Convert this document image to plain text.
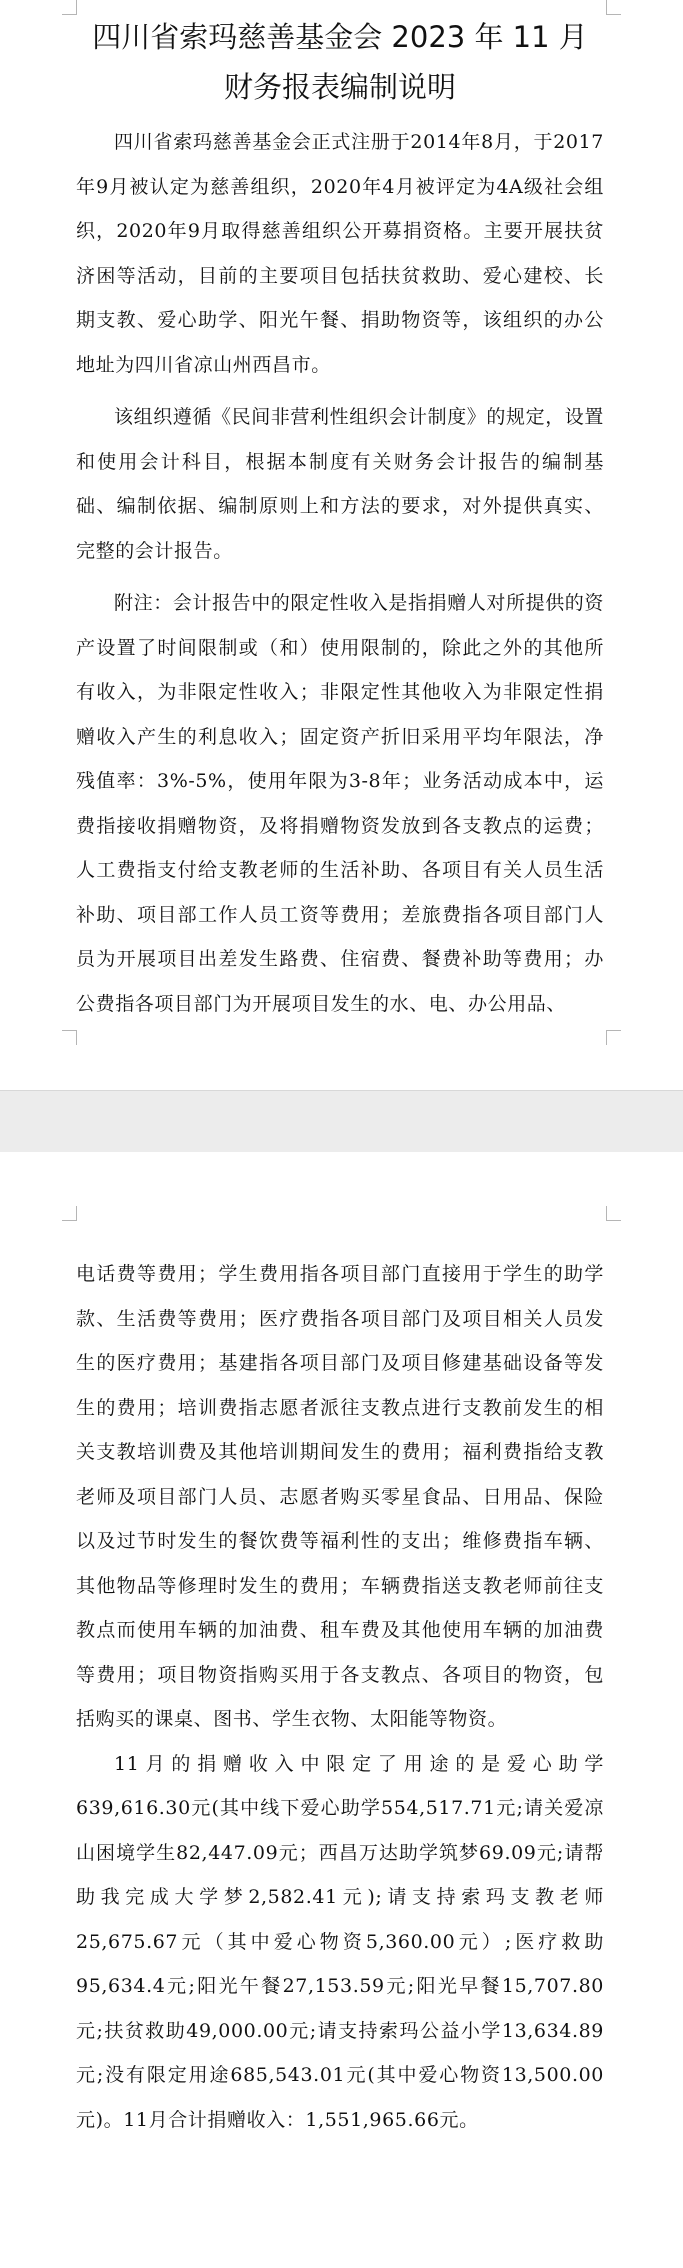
四川省索玛慈善基金会 2023 年 11 月
财务报表编制说明

四川省索玛慈善基金会正式注册于2014年8月，于2017年9月被认定为慈善组织，2020年4月被评定为4A级社会组织，2020年9月取得慈善组织公开募捐资格。主要开展扶贫济困等活动，目前的主要项目包括扶贫救助、爱心建校、长期支教、爱心助学、阳光午餐、捐助物资等，该组织的办公地址为四川省凉山州西昌市。

该组织遵循《民间非营利性组织会计制度》的规定，设置和使用会计科目，根据本制度有关财务会计报告的编制基础、编制依据、编制原则上和方法的要求，对外提供真实、完整的会计报告。

附注：会计报告中的限定性收入是指捐赠人对所提供的资产设置了时间限制或（和）使用限制的，除此之外的其他所有收入，为非限定性收入；非限定性其他收入为非限定性捐赠收入产生的利息收入；固定资产折旧采用平均年限法，净残值率：3%-5%，使用年限为3-8年；业务活动成本中，运费指接收捐赠物资，及将捐赠物资发放到各支教点的运费；人工费指支付给支教老师的生活补助、各项目有关人员生活补助、项目部工作人员工资等费用；差旅费指各项目部门人员为开展项目出差发生路费、住宿费、餐费补助等费用；办公费指各项目部门为开展项目发生的水、电、办公用品、

电话费等费用；学生费用指各项目部门直接用于学生的助学款、生活费等费用；医疗费指各项目部门及项目相关人员发生的医疗费用；基建指各项目部门及项目修建基础设备等发生的费用；培训费指志愿者派往支教点进行支教前发生的相关支教培训费及其他培训期间发生的费用；福利费指给支教老师及项目部门人员、志愿者购买零星食品、日用品、保险以及过节时发生的餐饮费等福利性的支出；维修费指车辆、其他物品等修理时发生的费用；车辆费指送支教老师前往支教点而使用车辆的加油费、租车费及其他使用车辆的加油费等费用；项目物资指购买用于各支教点、各项目的物资，包括购买的课桌、图书、学生衣物、太阳能等物资。

11月的捐赠收入中限定了用途的是爱心助学639,616.30元(其中线下爱心助学554,517.71元;请关爱凉山困境学生82,447.09元；西昌万达助学筑梦69.09元;请帮助我完成大学梦2,582.41元);请支持索玛支教老师25,675.67元（其中爱心物资5,360.00元）;医疗救助95,634.4元;阳光午餐27,153.59元;阳光早餐15,707.80元;扶贫救助49,000.00元;请支持索玛公益小学13,634.89元;没有限定用途685,543.01元(其中爱心物资13,500.00元)。11月合计捐赠收入：1,551,965.66元。
